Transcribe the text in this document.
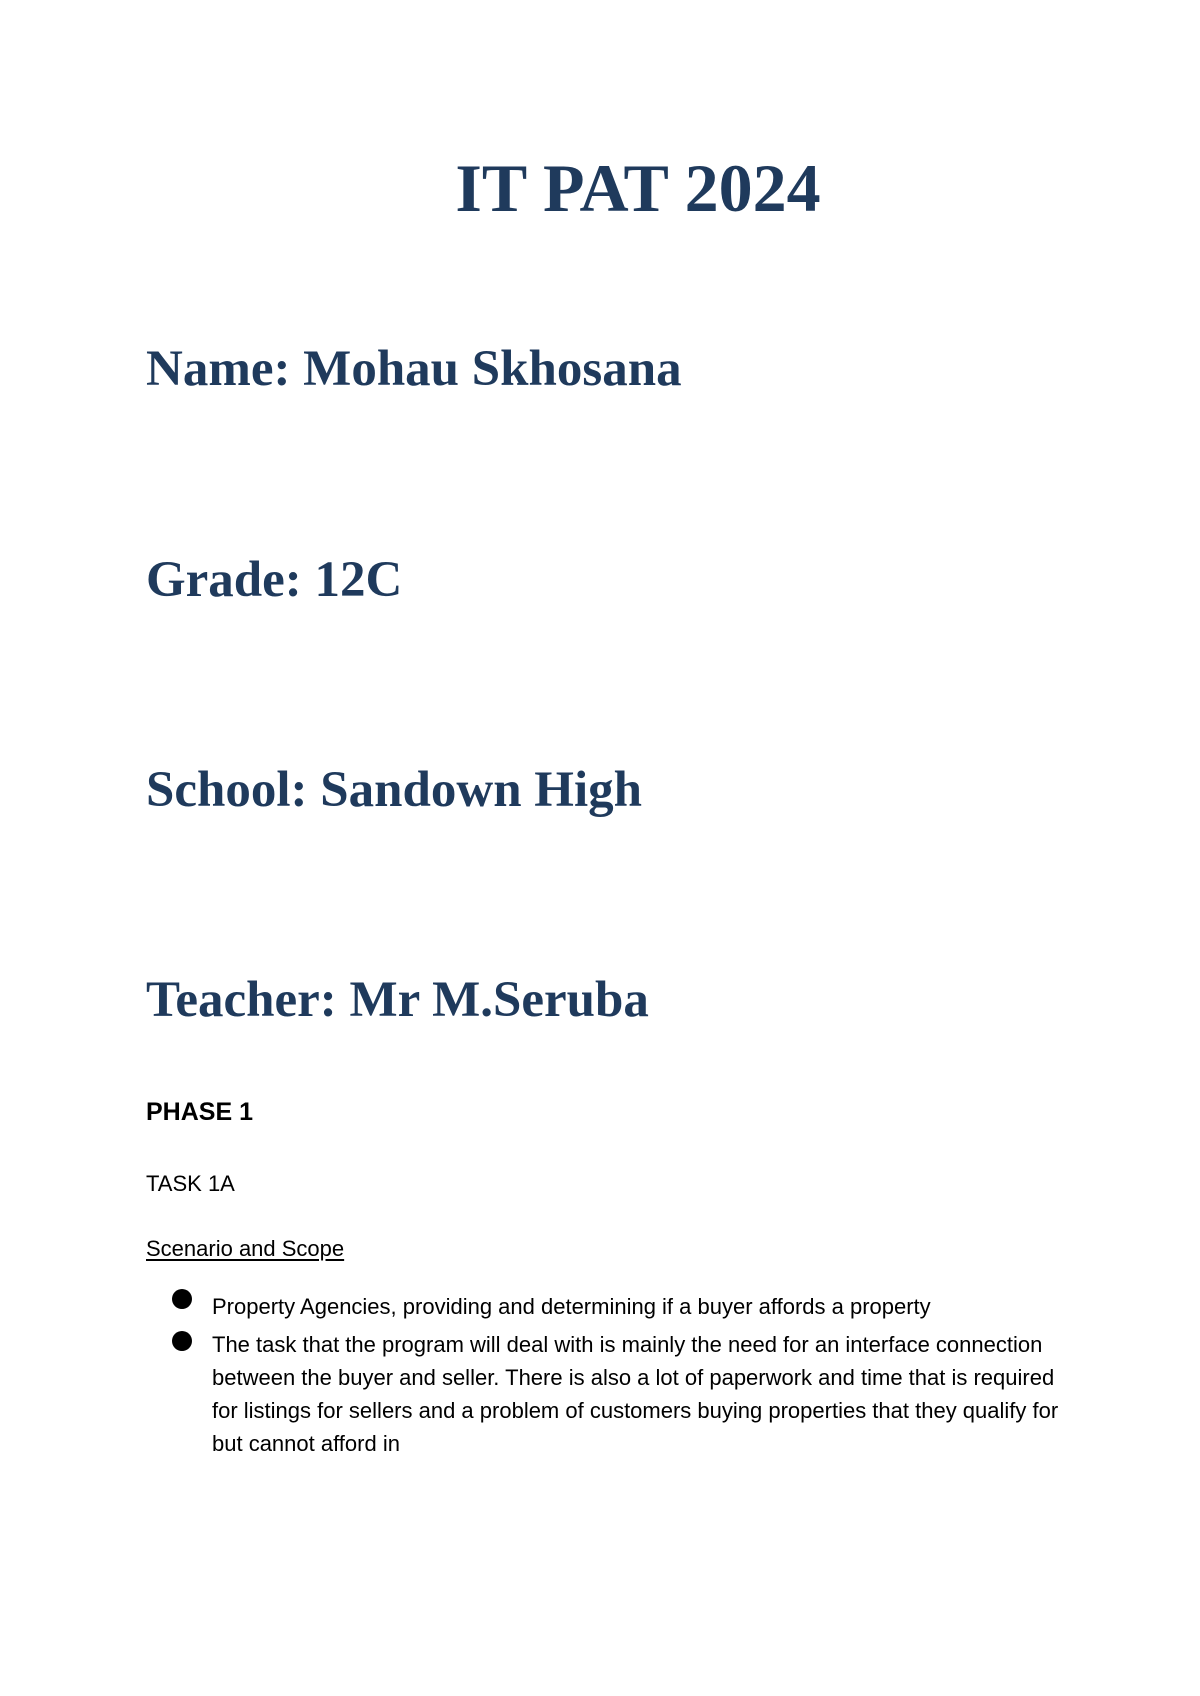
IT PAT 2024
Name: Mohau Skhosana
Grade: 12C
School: Sandown High
Teacher: Mr M.Seruba
PHASE 1

TASK 1A

Scenario and Scope

Property Agencies, providing and determining if a buyer affords a property
The task that the program will deal with is mainly the need for an interface connection between the buyer and seller. There is also a lot of paperwork and time that is required for listings for sellers and a problem of customers buying properties that they qualify for but cannot afford in
